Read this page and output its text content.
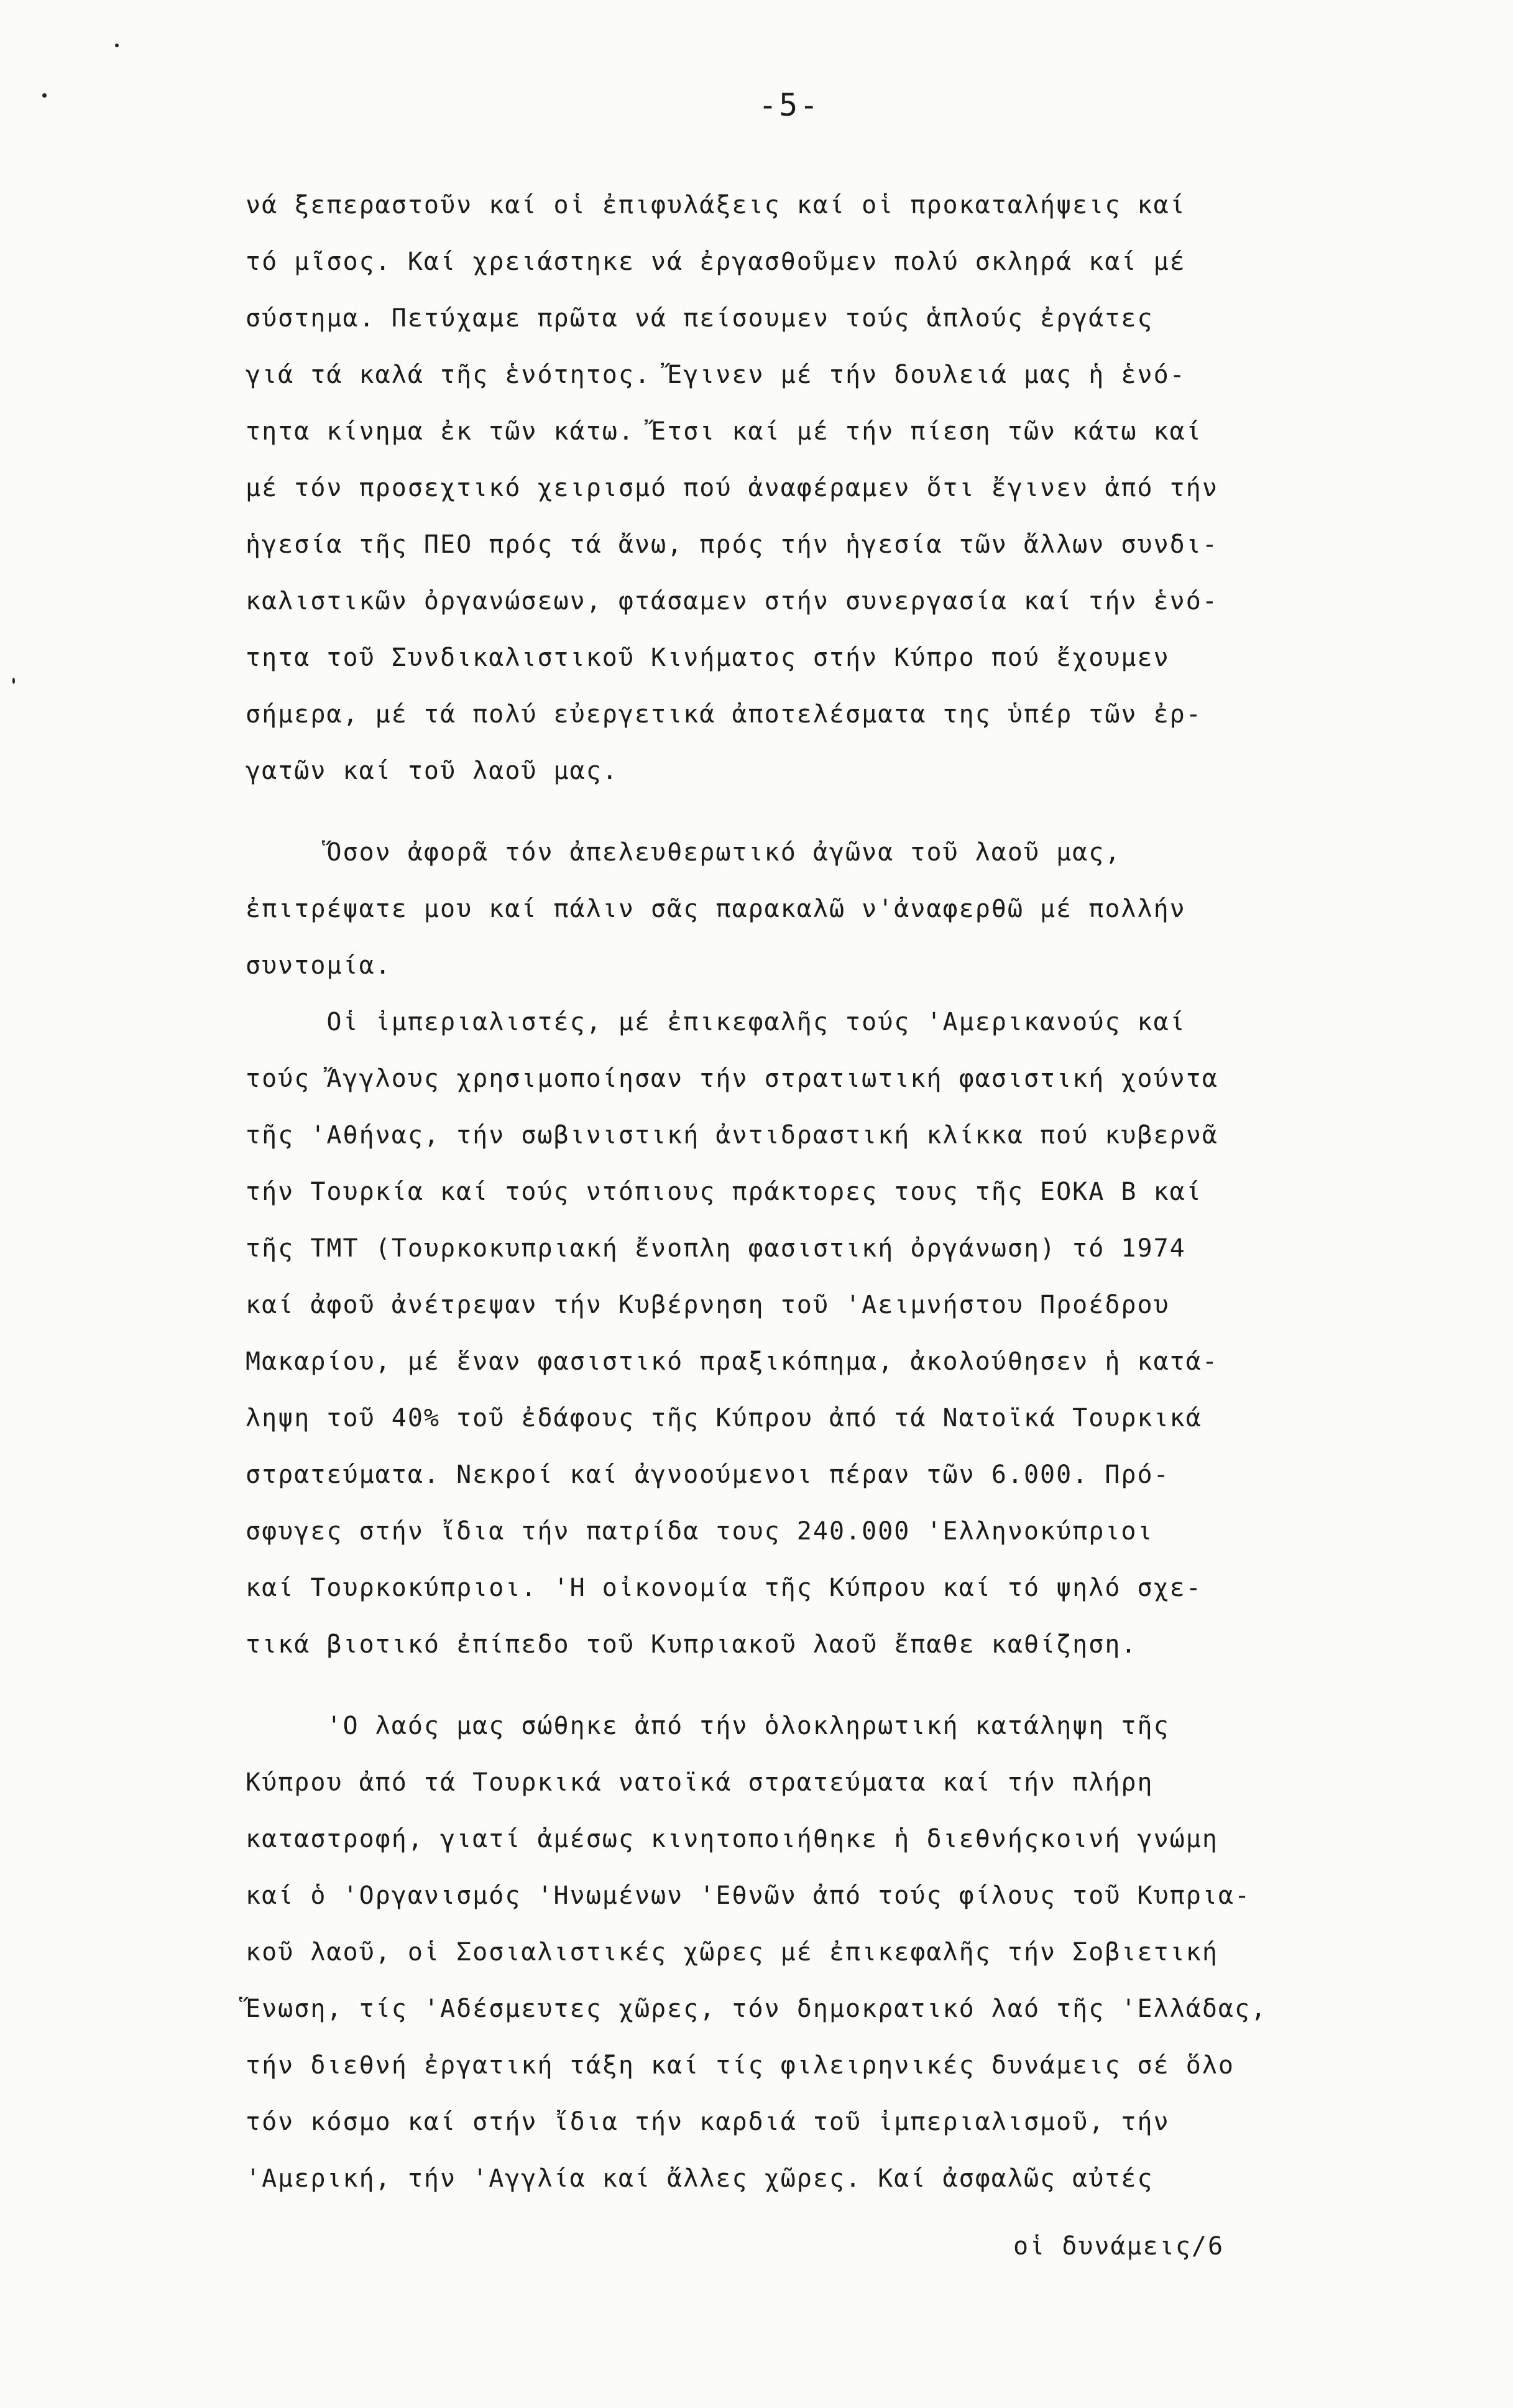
-5-
νά ξεπεραστοῦν καί οἱ ἐπιφυλάξεις καί οἱ προκαταλήψεις καί
τό μῖσος. Καί χρειάστηκε νά ἐργασθοῦμεν πολύ σκληρά καί μέ
σύστημα. Πετύχαμε πρῶτα νά πείσουμεν τούς ἁπλούς ἐργάτες
γιά τά καλά τῆς ἑνότητος. Ἔγινεν μέ τήν δουλειά μας ἡ ἑνό-
τητα κίνημα ἐκ τῶν κάτω. Ἔτσι καί μέ τήν πίεση τῶν κάτω καί
μέ τόν προσεχτικό χειρισμό πού ἀναφέραμεν ὅτι ἔγινεν ἀπό τήν
ἡγεσία τῆς ΠΕΟ πρός τά ἄνω, πρός τήν ἡγεσία τῶν ἄλλων συνδι-
καλιστικῶν ὀργανώσεων, φτάσαμεν στήν συνεργασία καί τήν ἑνό-
τητα τοῦ Συνδικαλιστικοῦ Κινήματος στήν Κύπρο πού ἔχουμεν
σήμερα, μέ τά πολύ εὐεργετικά ἀποτελέσματα της ὑπέρ τῶν ἐρ-
γατῶν καί τοῦ λαοῦ μας.
Ὅσον ἀφορᾶ τόν ἀπελευθερωτικό ἀγῶνα τοῦ λαοῦ μας,
ἐπιτρέψατε μου καί πάλιν σᾶς παρακαλῶ ν'ἀναφερθῶ μέ πολλήν
συντομία.
Οἱ ἰμπεριαλιστές, μέ ἐπικεφαλῆς τούς 'Αμερικανούς καί
τούς Ἄγγλους χρησιμοποίησαν τήν στρατιωτική φασιστική χούντα
τῆς 'Αθήνας, τήν σωβινιστική ἀντιδραστική κλίκκα πού κυβερνᾶ
τήν Τουρκία καί τούς ντόπιους πράκτορες τους τῆς ΕΟΚΑ Β καί
τῆς ΤΜΤ (Τουρκοκυπριακή ἔνοπλη φασιστική ὀργάνωση) τό 1974
καί ἀφοῦ ἀνέτρεψαν τήν Κυβέρνηση τοῦ 'Αειμνήστου Προέδρου
Μακαρίου, μέ ἕναν φασιστικό πραξικόπημα, ἀκολούθησεν ἡ κατά-
ληψη τοῦ 40% τοῦ ἐδάφους τῆς Κύπρου ἀπό τά Νατοϊκά Τουρκικά
στρατεύματα. Νεκροί καί ἀγνοούμενοι πέραν τῶν 6.000. Πρό-
σφυγες στήν ἴδια τήν πατρίδα τους 240.000 'Ελληνοκύπριοι
καί Τουρκοκύπριοι. 'Η οἰκονομία τῆς Κύπρου καί τό ψηλό σχε-
τικά βιοτικό ἐπίπεδο τοῦ Κυπριακοῦ λαοῦ ἔπαθε καθίζηση.
'Ο λαός μας σώθηκε ἀπό τήν ὁλοκληρωτική κατάληψη τῆς
Κύπρου ἀπό τά Τουρκικά νατοϊκά στρατεύματα καί τήν πλήρη
καταστροφή, γιατί ἀμέσως κινητοποιήθηκε ἡ διεθνήςκοινή γνώμη
καί ὁ 'Οργανισμός 'Ηνωμένων 'Εθνῶν ἀπό τούς φίλους τοῦ Κυπρια-
κοῦ λαοῦ, οἱ Σοσιαλιστικές χῶρες μέ ἐπικεφαλῆς τήν Σοβιετική
Ἕνωση, τίς 'Αδέσμευτες χῶρες, τόν δημοκρατικό λαό τῆς 'Ελλάδας,
τήν διεθνή ἐργατική τάξη καί τίς φιλειρηνικές δυνάμεις σέ ὅλο
τόν κόσμο καί στήν ἴδια τήν καρδιά τοῦ ἰμπεριαλισμοῦ, τήν
'Αμερική, τήν 'Αγγλία καί ἄλλες χῶρες. Καί ἀσφαλῶς αὐτές
οἱ δυνάμεις/6
